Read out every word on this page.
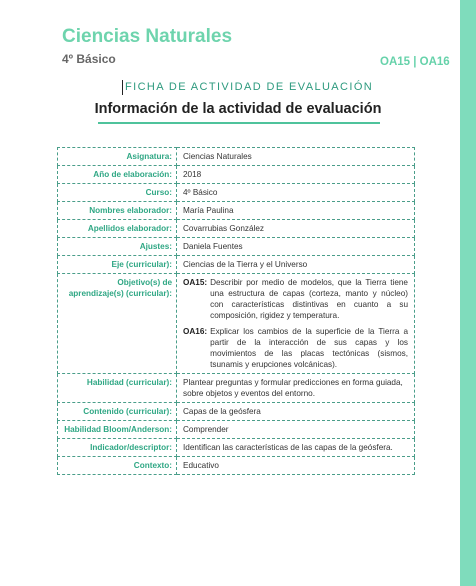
Ciencias Naturales
4º Básico	OA15 | OA16
FICHA DE ACTIVIDAD DE EVALUACIÓN
Información de la actividad de evaluación
Asignatura:	Ciencias Naturales
Año de elaboración:	2018
Curso:	4º Básico
Nombres elaborador:	María Paulina
Apellidos elaborador:	Covarrubias González
Ajustes:	Daniela Fuentes
Eje (curricular):	Ciencias de la Tierra y el Universo
Objetivo(s) de aprendizaje(s) (curricular):	OA15: Describir por medio de modelos, que la Tierra tiene una estructura de capas (corteza, manto y núcleo) con características distintivas en cuanto a su composición, rigidez y temperatura.
OA16: Explicar los cambios de la superficie de la Tierra a partir de la interacción de sus capas y los movimientos de las placas tectónicas (sismos, tsunamis y erupciones volcánicas).

Habilidad (curricular):	Plantear preguntas y formular predicciones en forma guiada, sobre objetos y eventos del entorno.
Contenido (curricular):	Capas de la geósfera
Habilidad Bloom/Anderson:	Comprender
Indicador/descriptor:	Identifican las características de las capas de la geósfera.
Contexto:	Educativo
